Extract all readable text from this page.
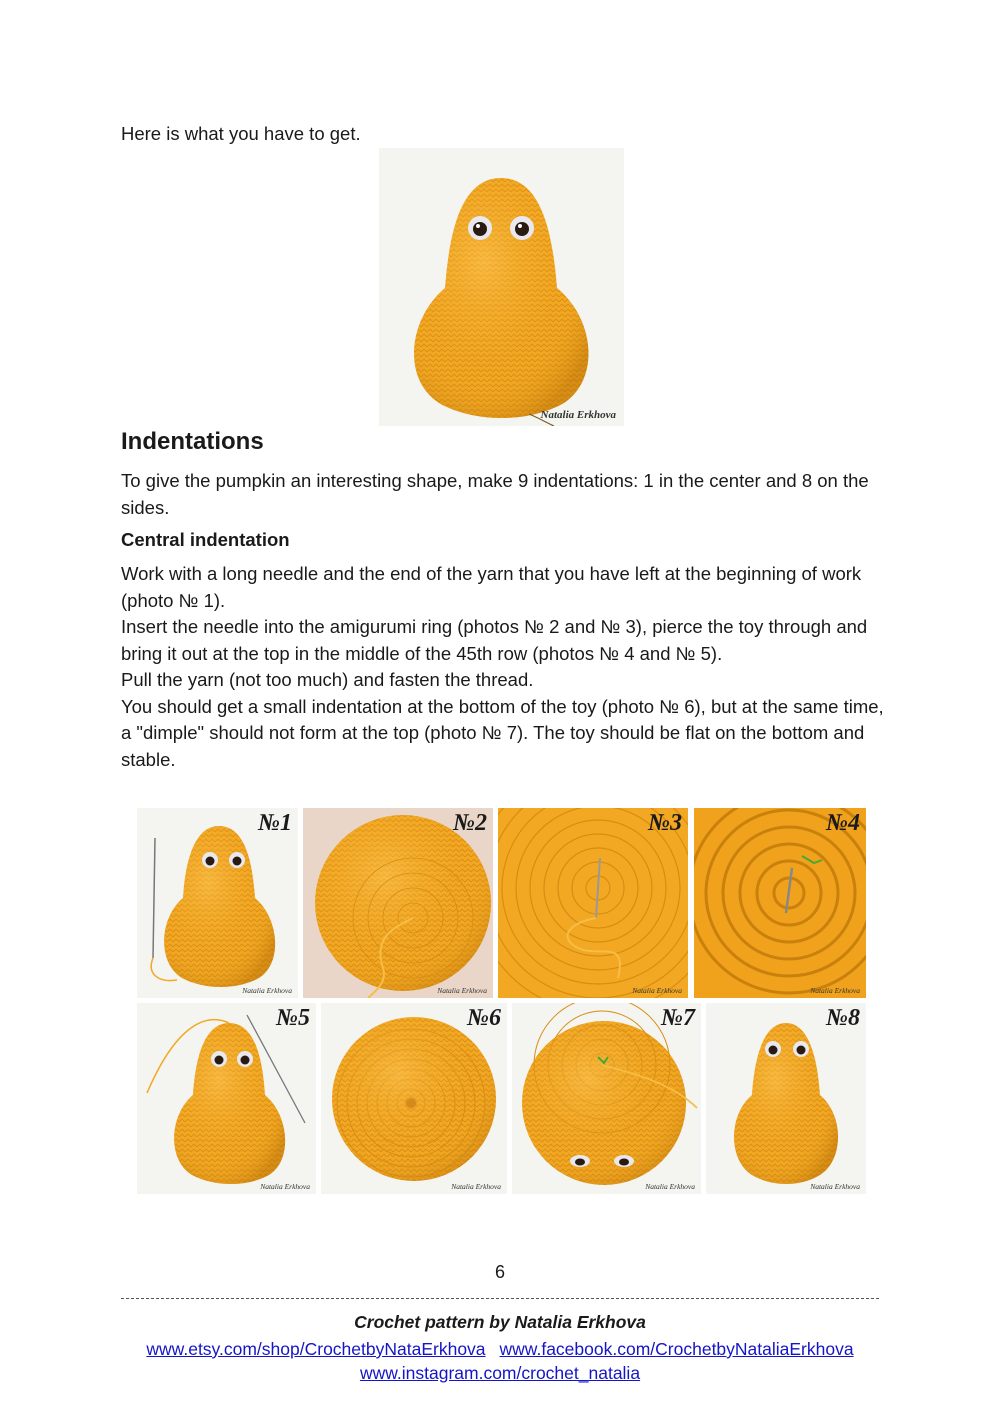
Here is what you have to get.
Natalia Erkhova
Indentations
To give the pumpkin an interesting shape, make 9 indentations: 1 in the center and 8 on the sides.
Central indentation
Work with a long needle and the end of the yarn that you have left at the beginning of work (photo № 1).
Insert the needle into the amigurumi ring (photos № 2 and № 3), pierce the toy through and bring it out at the top in the middle of the 45th row (photos № 4 and № 5).
Pull the yarn (not too much) and fasten the thread.
You should get a small indentation at the bottom of the toy (photo № 6), but at the same time, a "dimple" should not form at the top (photo № 7). The toy should be flat on the bottom and stable.
№1
Natalia Erkhova
№2
Natalia Erkhova
№3
Natalia Erkhova
№4
Natalia Erkhova
№5
Natalia Erkhova
№6
Natalia Erkhova
№7
Natalia Erkhova
№8
Natalia Erkhova
6
Crochet pattern by Natalia Erkhova
www.etsy.com/shop/CrochetbyNataErkhova www.facebook.com/CrochetbyNataliaErkhova
www.instagram.com/crochet_natalia
